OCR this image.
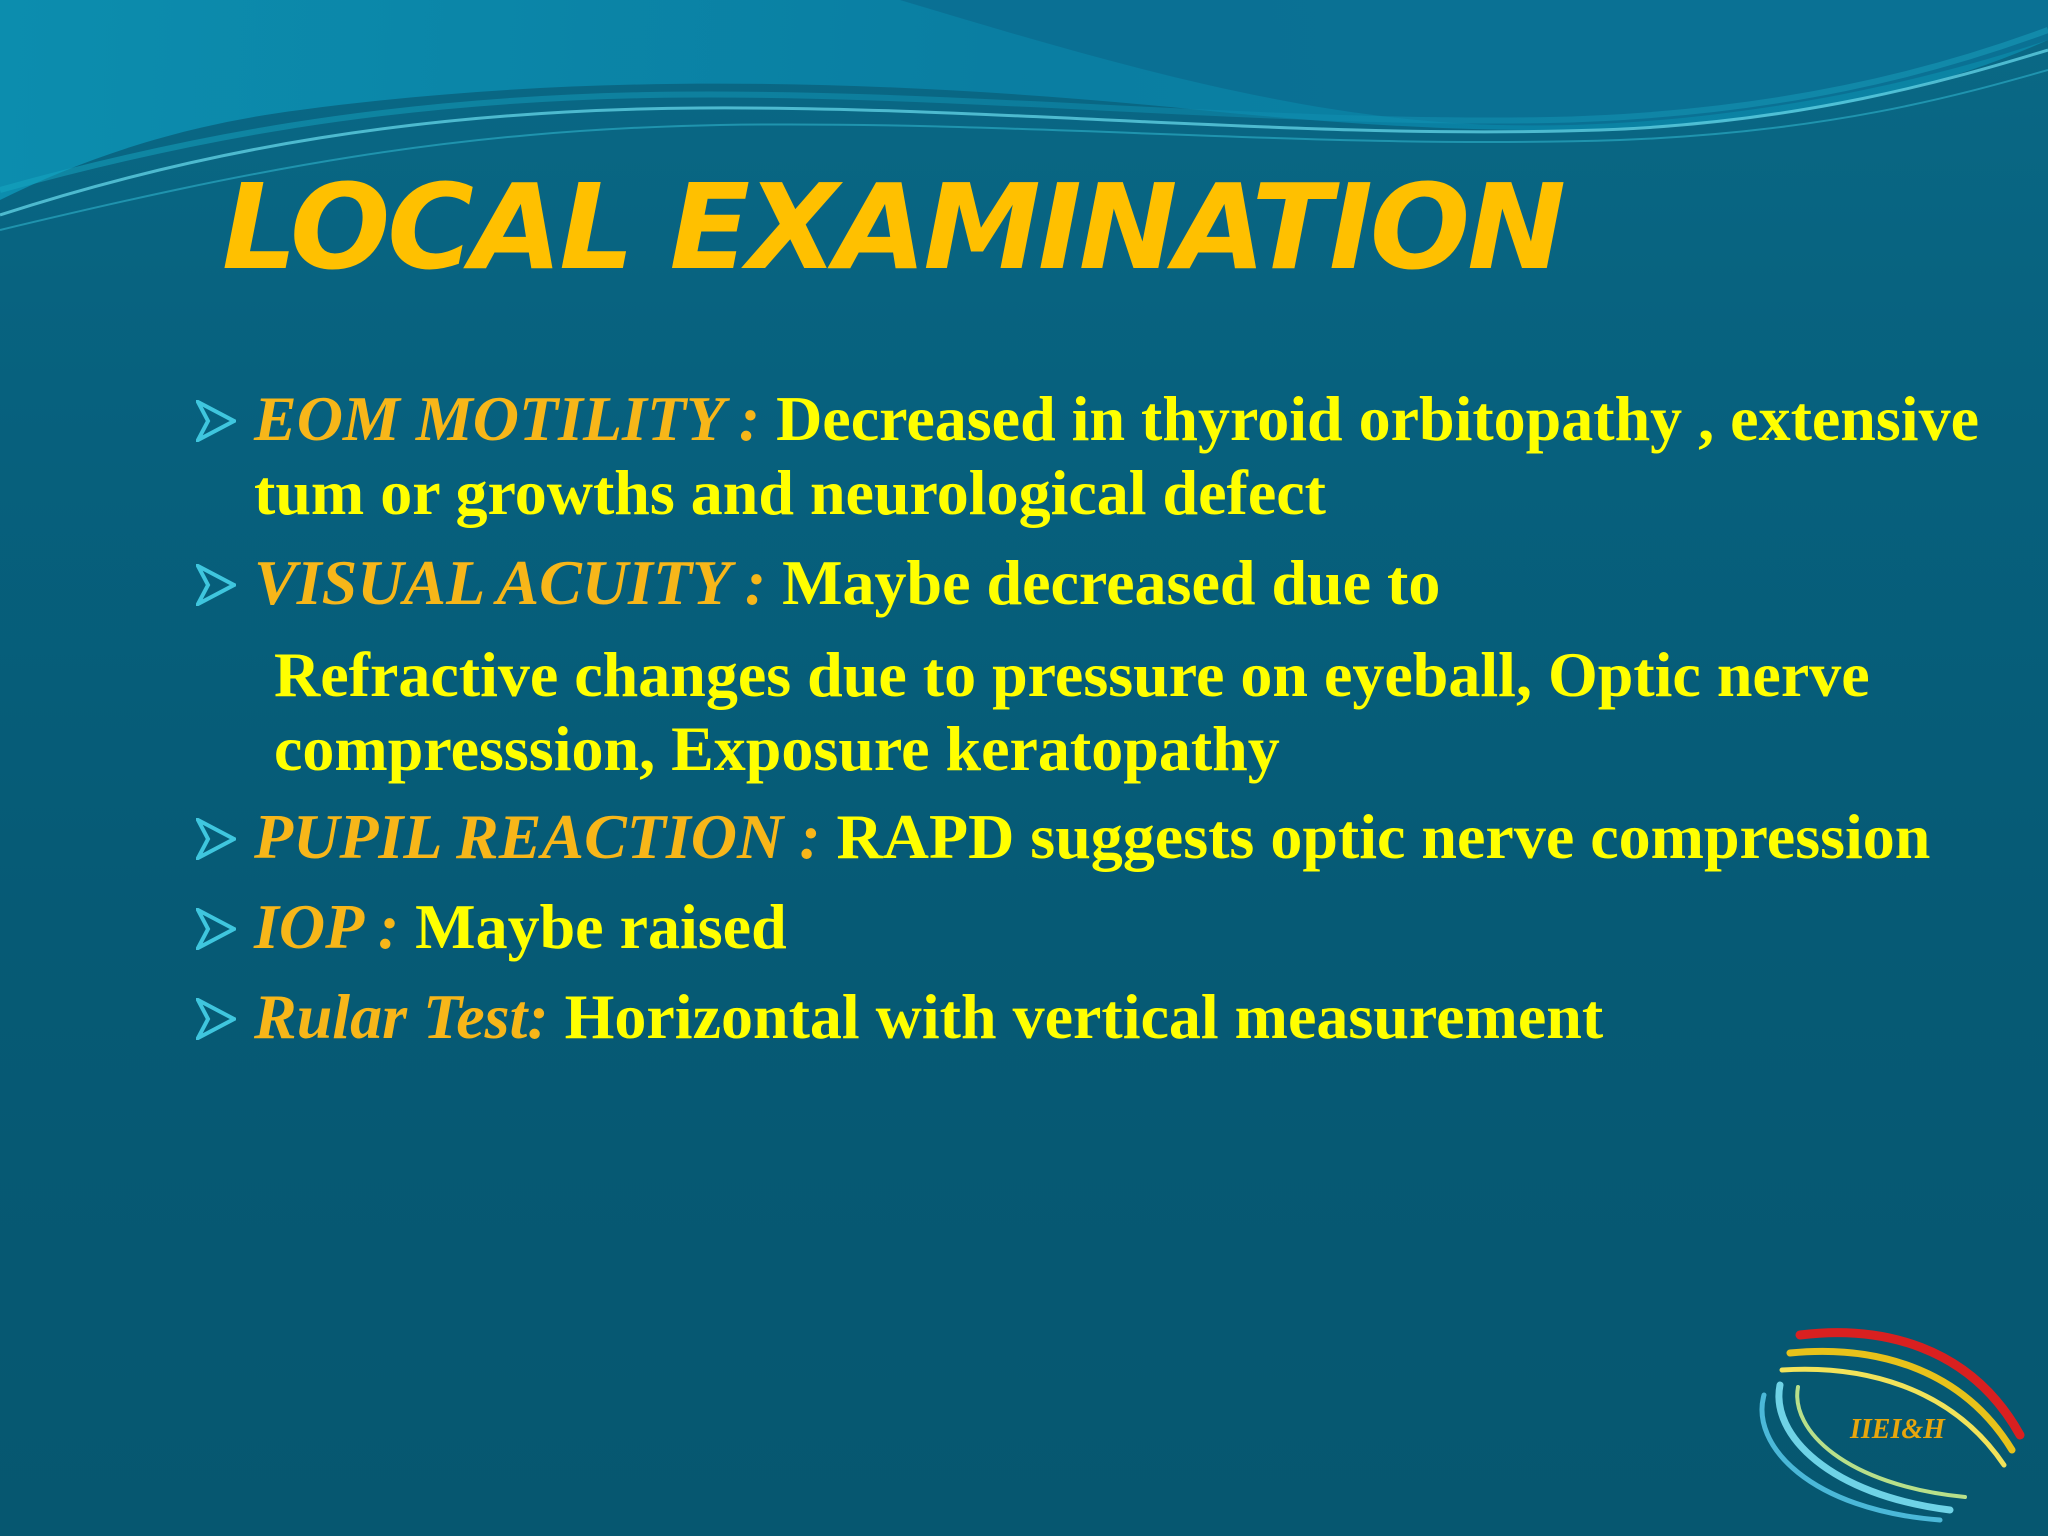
LOCAL EXAMINATION
EOM MOTILITY : Decreased in thyroid orbitopathy , extensive tum or growths and neurological defect
VISUAL ACUITY : Maybe decreased due to
Refractive changes due to pressure on eyeball, Optic nerve compresssion, Exposure keratopathy
PUPIL REACTION : RAPD suggests optic nerve compression
IOP : Maybe raised
Rular Test: Horizontal with vertical measurement
IIEI&H
